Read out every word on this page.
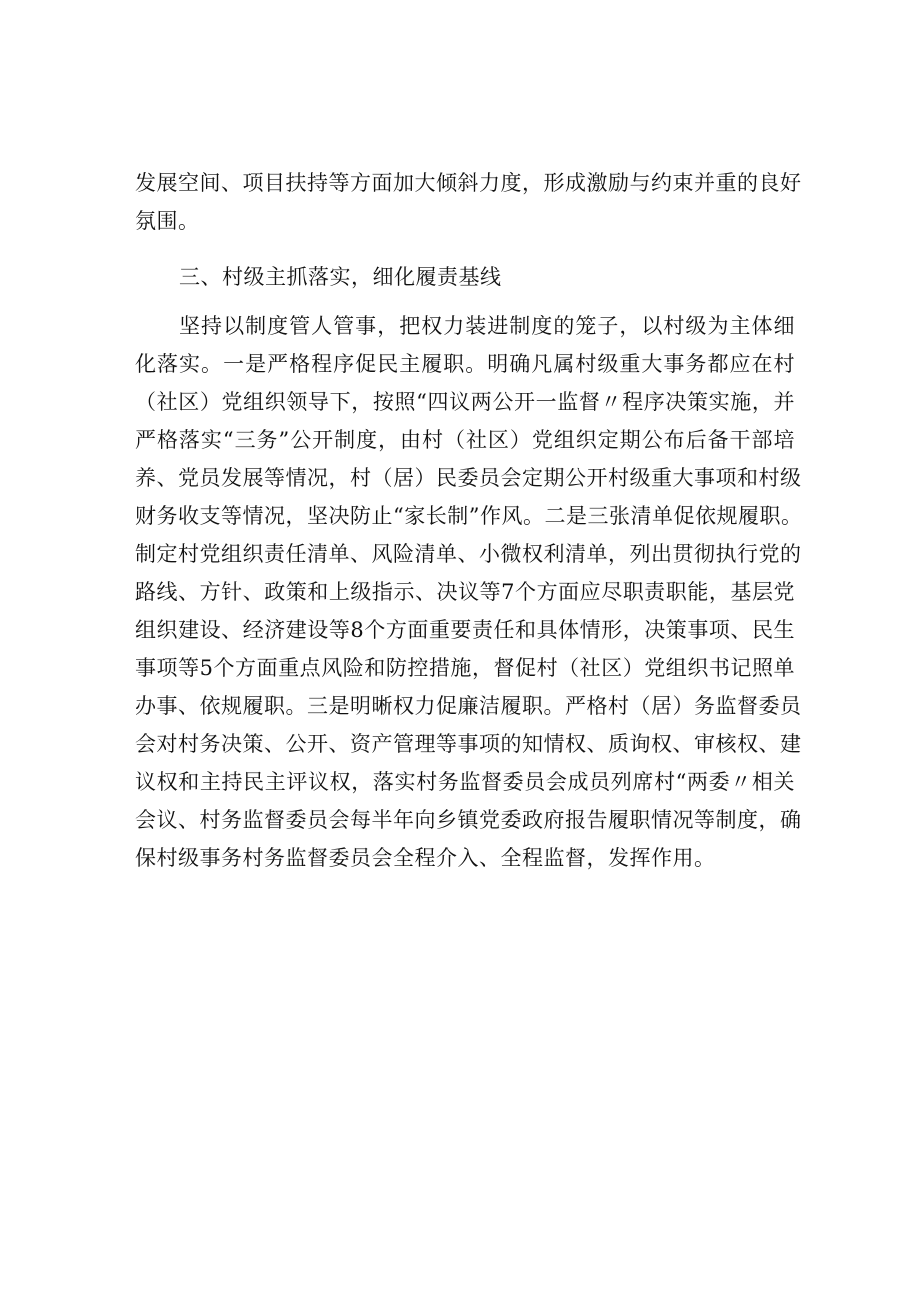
发展空间、项目扶持等方面加大倾斜力度，形成激励与约束并重的良好
氛围。
三、村级主抓落实，细化履责基线
　　坚持以制度管人管事，把权力装进制度的笼子，以村级为主体细
化落实。一是严格程序促民主履职。明确凡属村级重大事务都应在村
（社区）党组织领导下，按照“四议两公开一监督〃程序决策实施，并
严格落实“三务”公开制度，由村（社区）党组织定期公布后备干部培
养、党员发展等情况，村（居）民委员会定期公开村级重大事项和村级
财务收支等情况，坚决防止“家长制”作风。二是三张清单促依规履职。
制定村党组织责任清单、风险清单、小微权利清单，列出贯彻执行党的
路线、方针、政策和上级指示、决议等7个方面应尽职责职能，基层党
组织建设、经济建设等8个方面重要责任和具体情形，决策事项、民生
事项等5个方面重点风险和防控措施，督促村（社区）党组织书记照单
办事、依规履职。三是明晰权力促廉洁履职。严格村（居）务监督委员
会对村务决策、公开、资产管理等事项的知情权、质询权、审核权、建
议权和主持民主评议权，落实村务监督委员会成员列席村“两委〃相关
会议、村务监督委员会每半年向乡镇党委政府报告履职情况等制度，确
保村级事务村务监督委员会全程介入、全程监督，发挥作用。
